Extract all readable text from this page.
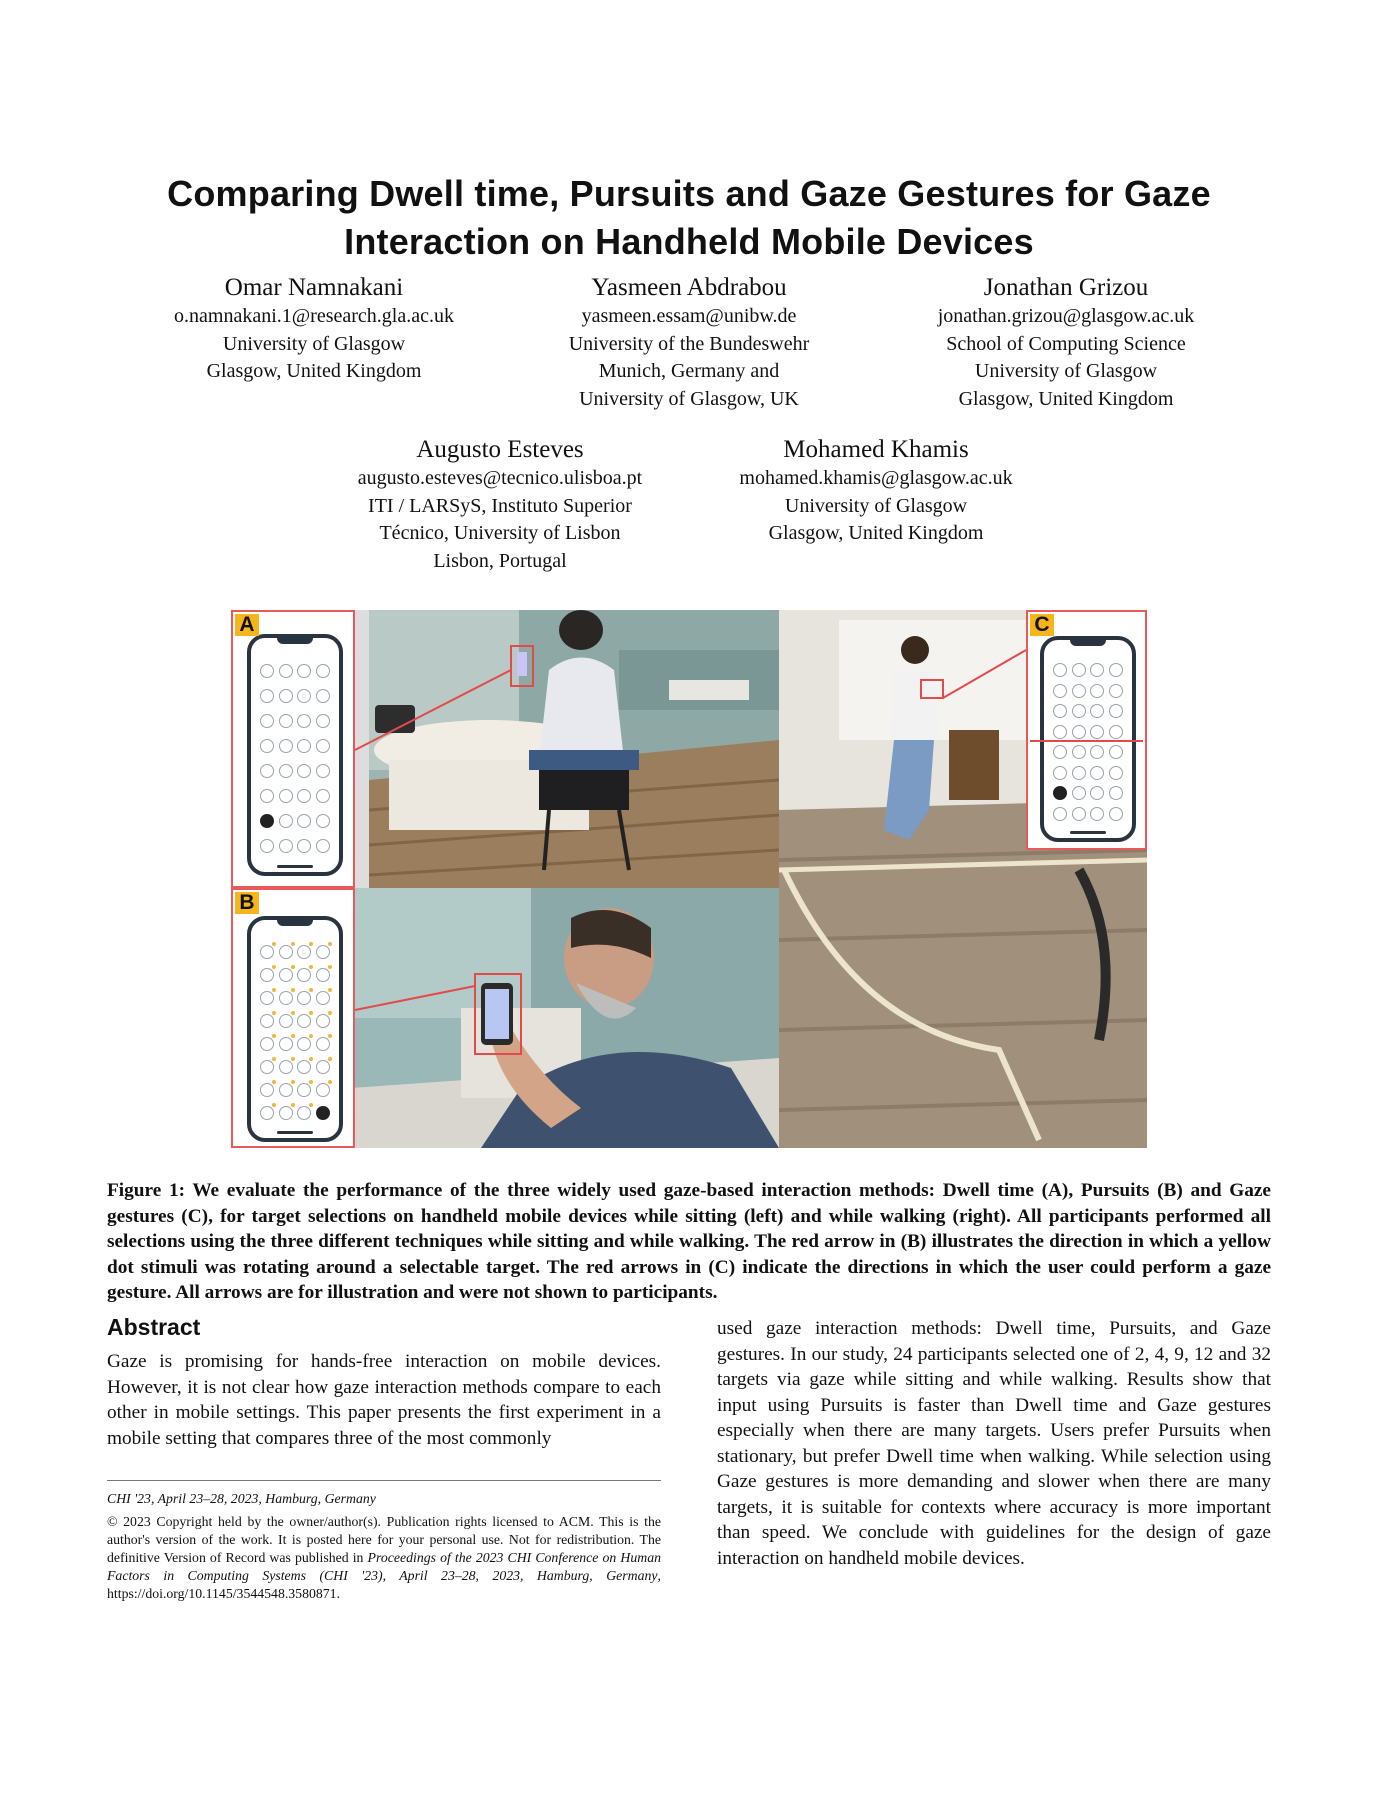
Comparing Dwell time, Pursuits and Gaze Gestures for Gaze
Interaction on Handheld Mobile Devices
Omar Namnakani
o.namnakani.1@research.gla.ac.uk
University of Glasgow
Glasgow, United Kingdom
Yasmeen Abdrabou
yasmeen.essam@unibw.de
University of the Bundeswehr
Munich, Germany and
University of Glasgow, UK
Jonathan Grizou
jonathan.grizou@glasgow.ac.uk
School of Computing Science
University of Glasgow
Glasgow, United Kingdom
Augusto Esteves
augusto.esteves@tecnico.ulisboa.pt
ITI / LARSyS, Instituto Superior
Técnico, University of Lisbon
Lisbon, Portugal
Mohamed Khamis
mohamed.khamis@glasgow.ac.uk
University of Glasgow
Glasgow, United Kingdom
A
B
C
Figure 1: We evaluate the performance of the three widely used gaze-based interaction methods: Dwell time (A), Pursuits (B) and Gaze gestures (C), for target selections on handheld mobile devices while sitting (left) and while walking (right). All participants performed all selections using the three different techniques while sitting and while walking. The red arrow in (B) illustrates the direction in which a yellow dot stimuli was rotating around a selectable target. The red arrows in (C) indicate the directions in which the user could perform a gaze gesture. All arrows are for illustration and were not shown to participants.
Abstract
Gaze is promising for hands-free interaction on mobile devices. However, it is not clear how gaze interaction methods compare to each other in mobile settings. This paper presents the first experiment in a mobile setting that compares three of the most commonly
used gaze interaction methods: Dwell time, Pursuits, and Gaze gestures. In our study, 24 participants selected one of 2, 4, 9, 12 and 32 targets via gaze while sitting and while walking. Results show that input using Pursuits is faster than Dwell time and Gaze gestures especially when there are many targets. Users prefer Pursuits when stationary, but prefer Dwell time when walking. While selection using Gaze gestures is more demanding and slower when there are many targets, it is suitable for contexts where accuracy is more important than speed. We conclude with guidelines for the design of gaze interaction on handheld mobile devices.

CHI '23, April 23–28, 2023, Hamburg, Germany

© 2023 Copyright held by the owner/author(s). Publication rights licensed to ACM. This is the author's version of the work. It is posted here for your personal use. Not for redistribution. The definitive Version of Record was published in Proceedings of the 2023 CHI Conference on Human Factors in Computing Systems (CHI '23), April 23–28, 2023, Hamburg, Germany, https://doi.org/10.1145/3544548.3580871.
